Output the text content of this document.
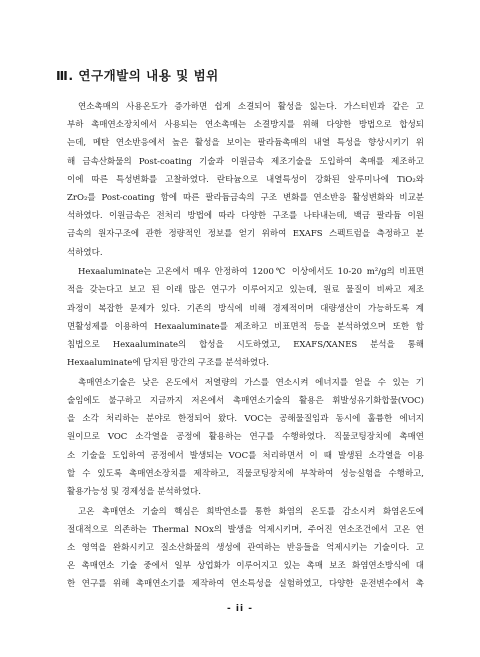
Ⅲ. 연구개발의 내용 및 범위

연소촉매의 사용온도가 증가하면 쉽게 소결되어 활성을 잃는다. 가스터빈과 같은 고
부하 촉매연소장치에서 사용되는 연소촉매는 소결방지를 위해 다양한 방법으로 합성되
는데, 메탄 연소반응에서 높은 활성을 보이는 팔라듐촉매의 내열 특성을 향상시키기 위
해 금속산화물의 Post-coating 기술과 이원금속 제조기술을 도입하여 촉매를 제조하고
이에 따른 특성변화를 고찰하였다. 란타늄으로 내열특성이 강화된 알루미나에 TiO₂와
ZrO₂를 Post-coating 함에 따른 팔라듐금속의 구조 변화를 연소반응 활성변화와 비교분
석하였다. 이원금속은 전처리 방법에 따라 다양한 구조를 나타내는데, 백금 팔라듐 이원
금속의 원자구조에 관한 정량적인 정보를 얻기 위하여 EXAFS 스펙트럼을 측정하고 분
석하였다.

Hexaaluminate는 고온에서 매우 안정하여 1200℃ 이상에서도 10-20 m²/g의 비표면
적을 갖는다고 보고 된 이래 많은 연구가 이루어지고 있는데, 원료 물질이 비싸고 제조
과정이 복잡한 문제가 있다. 기존의 방식에 비해 경제적이며 대량생산이 가능하도록 계
면활성제를 이용하여 Hexaaluminate를 제조하고 비표면적 등을 분석하였으며 또한 함
침법으로 Hexaaluminate의 합성을 시도하였고, EXAFS/XANES 분석을 통해
Hexaaluminate에 담지된 망간의 구조를 분석하였다.

촉매연소기술은 낮은 온도에서 저열량의 가스를 연소시켜 에너지를 얻을 수 있는 기
술임에도 불구하고 지금까지 저온에서 촉매연소기술의 활용은 휘발성유기화합물(VOC)
을 소각 처리하는 분야로 한정되어 왔다. VOC는 공해물질임과 동시에 훌륭한 에너지
원이므로 VOC 소각열을 공정에 활용하는 연구를 수행하였다. 직물코팅장치에 촉매연
소 기술을 도입하여 공정에서 발생되는 VOC를 처리하면서 이 때 발생된 소각열을 이용
할 수 있도록 촉매연소장치를 제작하고, 직물코팅장치에 부착하여 성능실험을 수행하고,
활용가능성 및 경제성을 분석하였다.

고온 촉매연소 기술의 핵심은 희박연소를 통한 화염의 온도를 감소시켜 화염온도에
절대적으로 의존하는 Thermal NOx의 발생을 억제시키며, 주어진 연소조건에서 고온 연
소 영역을 완화시키고 질소산화물의 생성에 관여하는 반응들을 억제시키는 기술이다. 고
온 촉매연소 기술 중에서 일부 상업화가 이루어지고 있는 촉매 보조 화염연소방식에 대
한 연구를 위해 촉매연소기를 제작하여 연소특성을 실험하였고, 다양한 운전변수에서 촉

- ii -
